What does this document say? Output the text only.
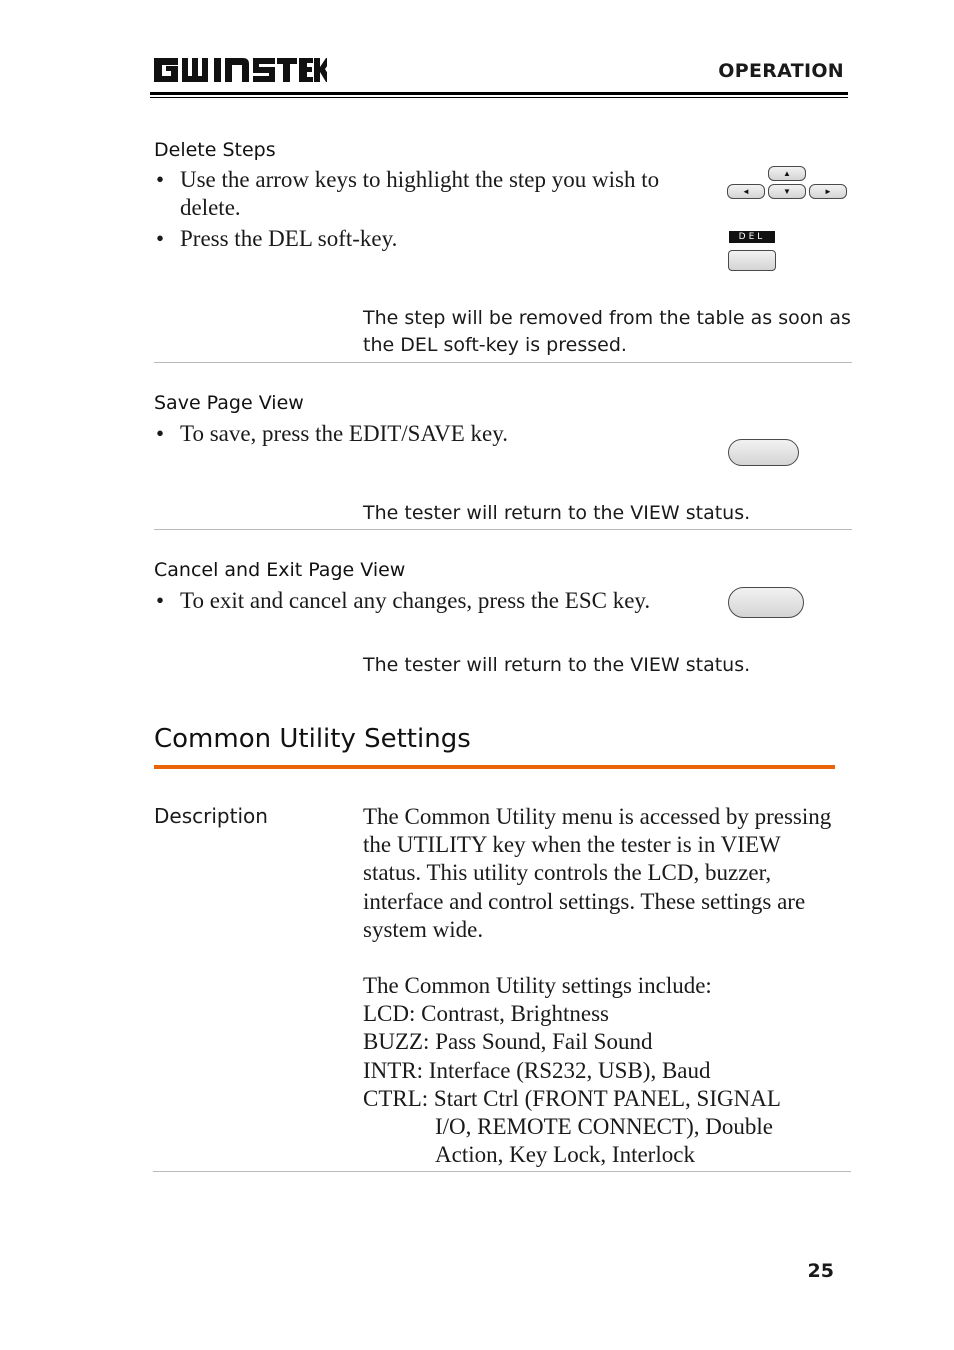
GW INSTEK
OPERATION
Delete Steps
• Use the arrow keys to highlight the step you wish to delete.
• Press the DEL soft-key.
▲
◄	▼	►
DEL
The step will be removed from the table as soon as the DEL soft-key is pressed.
Save Page View
• To save, press the EDIT/SAVE key.
The tester will return to the VIEW status.
Cancel and Exit Page View
• To exit and cancel any changes, press the ESC key.
The tester will return to the VIEW status.
Common Utility Settings
Description	The Common Utility menu is accessed by pressing the UTILITY key when the tester is in VIEW status. This utility controls the LCD, buzzer, interface and control settings. These settings are system wide.
The Common Utility settings include:
LCD: Contrast, Brightness
BUZZ: Pass Sound, Fail Sound
INTR: Interface (RS232, USB), Baud
CTRL: Start Ctrl (FRONT PANEL, SIGNAL
I/O, REMOTE CONNECT), Double
Action, Key Lock, Interlock
25
